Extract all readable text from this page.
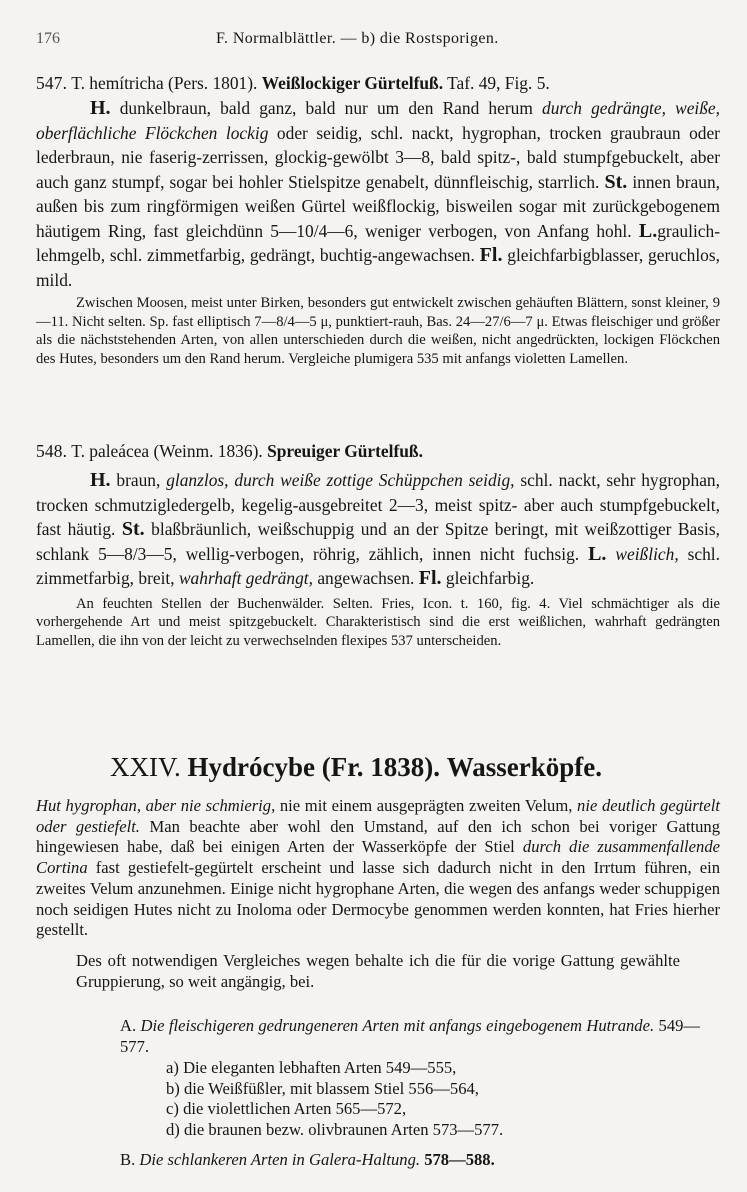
176	F. Normalblättler. — b) die Rostsporigen.

547. T. hemítricha (Pers. 1801). Weißlockiger Gürtelfuß. Taf. 49, Fig. 5.

H. dunkelbraun, bald ganz, bald nur um den Rand herum durch gedrängte, weiße, oberflächliche Flöckchen lockig oder seidig, schl. nackt, hygrophan, trocken graubraun oder lederbraun, nie faserig-zerrissen, glockig-gewölbt 3—8, bald spitz-, bald stumpfgebuckelt, aber auch ganz stumpf, sogar bei hohler Stielspitze genabelt, dünnfleischig, starrlich. St. innen braun, außen bis zum ringförmigen weißen Gürtel weißflockig, bisweilen sogar mit zurückgebogenem häutigem Ring, fast gleichdünn 5—10/4—6, weniger verbogen, von Anfang hohl. L.graulich-lehmgelb, schl. zimmetfarbig, gedrängt, buchtig-angewachsen. Fl. gleichfarbigblasser, geruchlos, mild.

Zwischen Moosen, meist unter Birken, besonders gut entwickelt zwischen gehäuften Blättern, sonst kleiner, 9—11. Nicht selten. Sp. fast elliptisch 7—8/4—5 μ, punktiert-rauh, Bas. 24—27/6—7 μ. Etwas fleischiger und größer als die nächststehenden Arten, von allen unterschieden durch die weißen, nicht angedrückten, lockigen Flöckchen des Hutes, besonders um den Rand herum. Vergleiche plumigera 535 mit anfangs violetten Lamellen.

548. T. paleácea (Weinm. 1836). Spreuiger Gürtelfuß.

H. braun, glanzlos, durch weiße zottige Schüppchen seidig, schl. nackt, sehr hygrophan, trocken schmutzigledergelb, kegelig-ausgebreitet 2—3, meist spitz- aber auch stumpfgebuckelt, fast häutig. St. blaßbräunlich, weißschuppig und an der Spitze beringt, mit weißzottiger Basis, schlank 5—8/3—5, wellig-verbogen, röhrig, zählich, innen nicht fuchsig. L. weißlich, schl. zimmetfarbig, breit, wahrhaft gedrängt, angewachsen. Fl. gleichfarbig.

An feuchten Stellen der Buchenwälder. Selten. Fries, Icon. t. 160, fig. 4. Viel schmächtiger als die vorhergehende Art und meist spitzgebuckelt. Charakteristisch sind die erst weißlichen, wahrhaft gedrängten Lamellen, die ihn von der leicht zu verwechselnden flexipes 537 unterscheiden.

XXIV. Hydrócybe (Fr. 1838). Wasserköpfe.

Hut hygrophan, aber nie schmierig, nie mit einem ausgeprägten zweiten Velum, nie deutlich gegürtelt oder gestiefelt. Man beachte aber wohl den Umstand, auf den ich schon bei voriger Gattung hingewiesen habe, daß bei einigen Arten der Wasserköpfe der Stiel durch die zusammenfallende Cortina fast gestiefelt-gegürtelt erscheint und lasse sich dadurch nicht in den Irrtum führen, ein zweites Velum anzunehmen. Einige nicht hygrophane Arten, die wegen des anfangs weder schuppigen noch seidigen Hutes nicht zu Inoloma oder Dermocybe genommen werden konnten, hat Fries hierher gestellt.

Des oft notwendigen Vergleiches wegen behalte ich die für die vorige Gattung gewählte Gruppierung, so weit angängig, bei.

A. Die fleischigeren gedrungeneren Arten mit anfangs eingebogenem Hutrande. 549—577.

a) Die eleganten lebhaften Arten 549—555,
b) die Weißfüßler, mit blassem Stiel 556—564,
c) die violettlichen Arten 565—572,
d) die braunen bezw. olivbraunen Arten 573—577.

B. Die schlankeren Arten in Galera-Haltung. 578—588.
